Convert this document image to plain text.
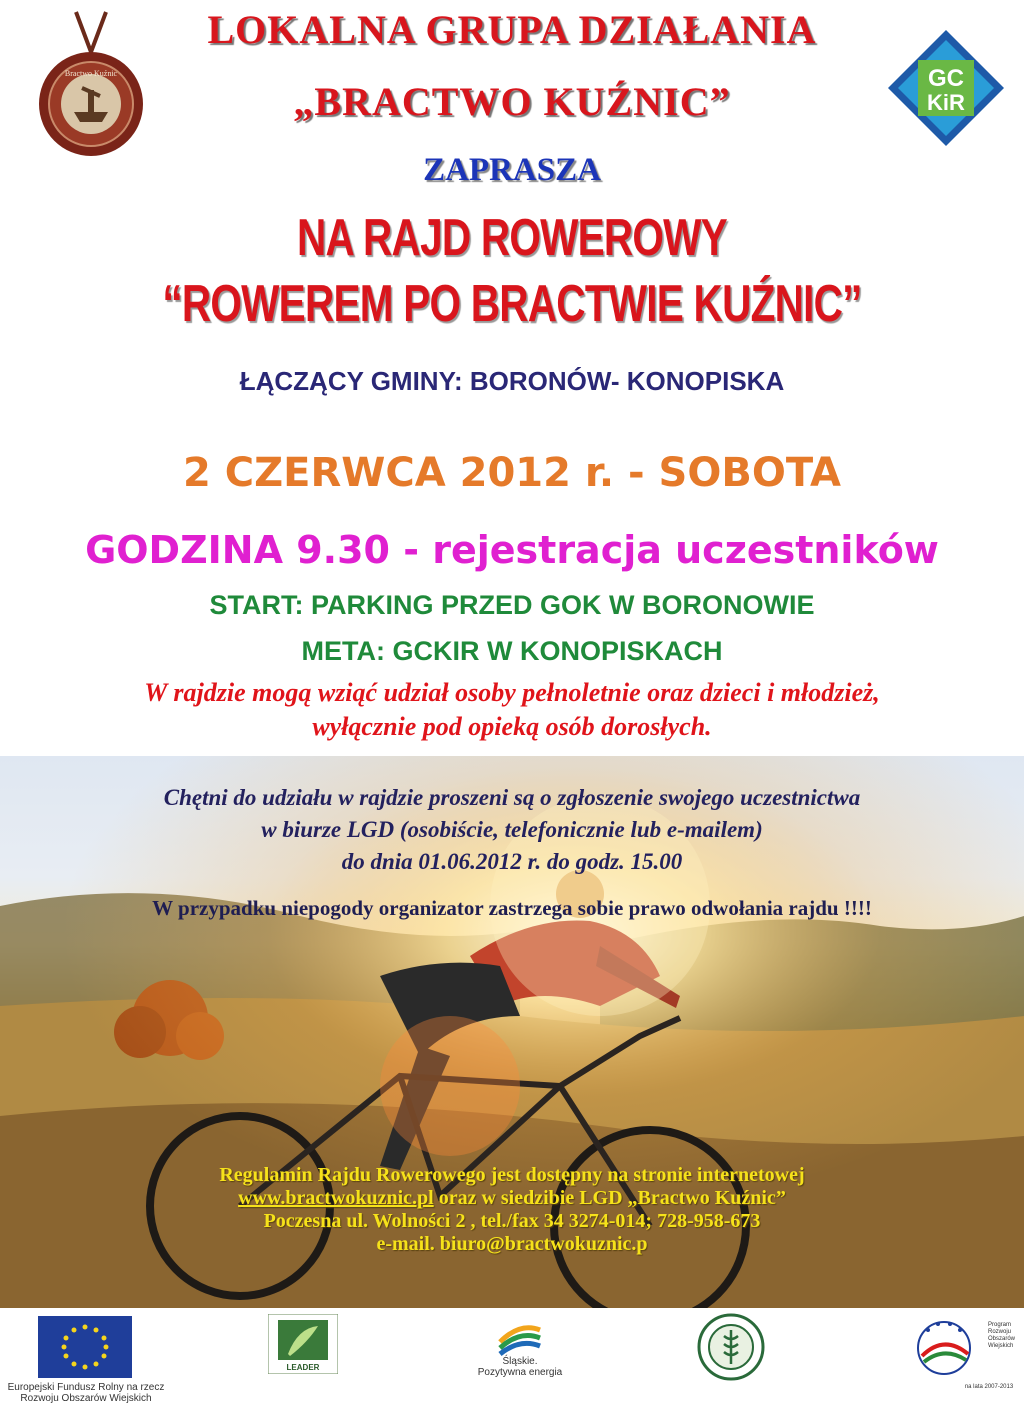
Bractwo Kuźnic	GC
KiR
LOKALNA GRUPA DZIAŁANIA
„BRACTWO KUŹNIC”
ZAPRASZA
NA RAJD ROWEROWY
“ROWEREM PO BRACTWIE KUŹNIC”
ŁĄCZĄCY GMINY: BORONÓW- KONOPISKA
2 CZERWCA 2012 r. - SOBOTA
GODZINA 9.30 - rejestracja uczestników
START: PARKING PRZED GOK W BORONOWIE
META: GCKIR W KONOPISKACH
W rajdzie mogą wziąć udział osoby pełnoletnie oraz dzieci i młodzież,
wyłącznie pod opieką osób dorosłych.
Chętni do udziału w rajdzie proszeni są o zgłoszenie swojego uczestnictwa
w biurze LGD (osobiście, telefonicznie lub e-mailem)
do dnia 01.06.2012 r. do godz. 15.00
W przypadku niepogody organizator zastrzega sobie prawo odwołania rajdu !!!!
Regulamin Rajdu Rowerowego jest dostępny na stronie internetowej
www.bractwokuznic.pl oraz w siedzibie LGD „Bractwo Kuźnic”
Poczesna ul. Wolności 2 , tel./fax 34 3274-014; 728-958-673
e-mail. biuro@bractwokuznic.p
Europejski Fundusz Rolny na rzecz
Rozwoju Obszarów Wiejskich
LEADER
Śląskie.
Pozytywna energia
Program
Rozwoju
Obszarów
Wiejskich
na lata 2007-2013
